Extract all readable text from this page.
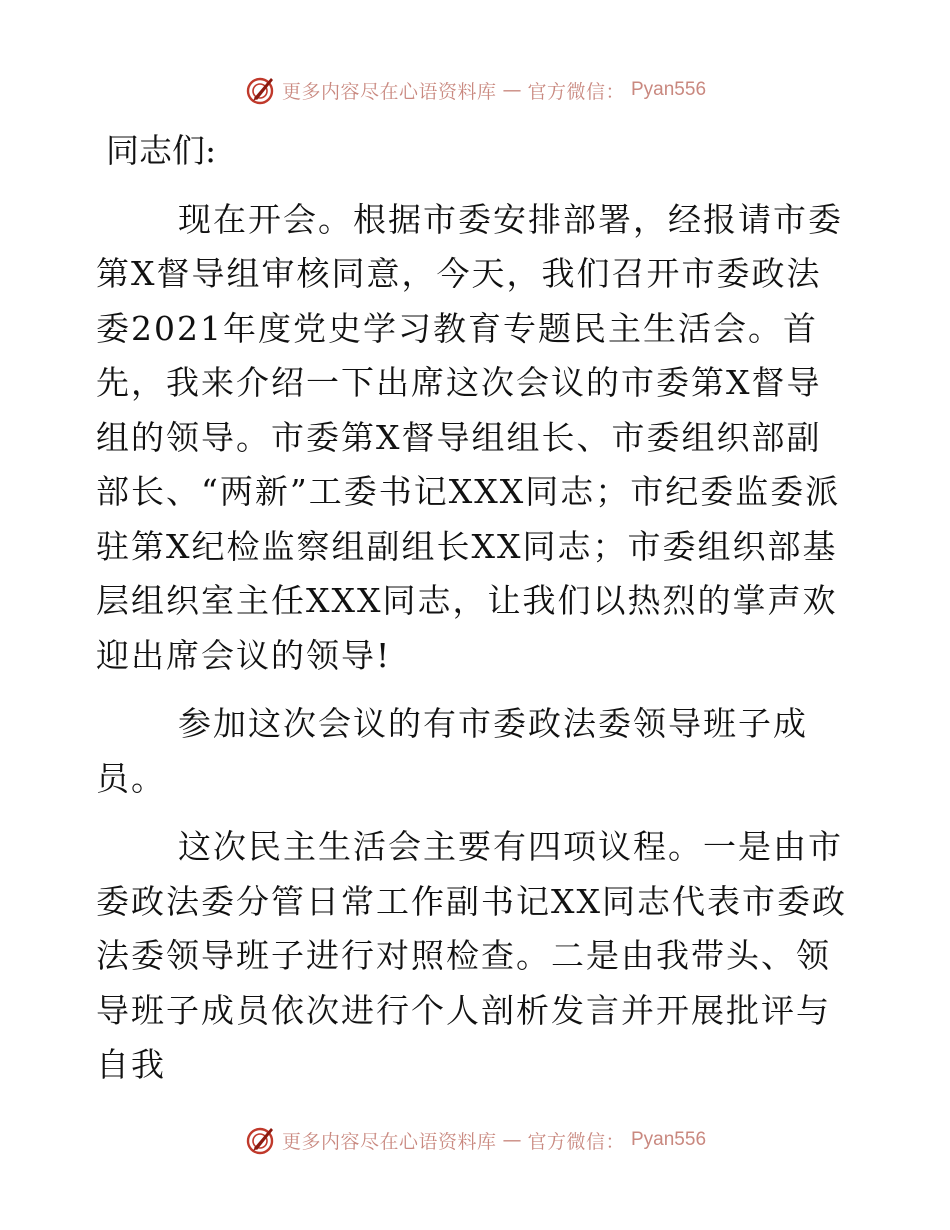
更多内容尽在心语资料库 — 官方微信： Pyan556
同志们:

现在开会。根据市委安排部署，经报请市委第X督导组审核同意，今天，我们召开市委政法委2021年度党史学习教育专题民主生活会。首先，我来介绍一下出席这次会议的市委第X督导组的领导。市委第X督导组组长、市委组织部副部长、“两新”工委书记XXX同志；市纪委监委派驻第X纪检监察组副组长XX同志；市委组织部基层组织室主任XXX同志，让我们以热烈的掌声欢迎出席会议的领导!

参加这次会议的有市委政法委领导班子成员。

这次民主生活会主要有四项议程。一是由市委政法委分管日常工作副书记XX同志代表市委政法委领导班子进行对照检查。二是由我带头、领导班子成员依次进行个人剖析发言并开展批评与自我

更多内容尽在心语资料库 — 官方微信： Pyan556
